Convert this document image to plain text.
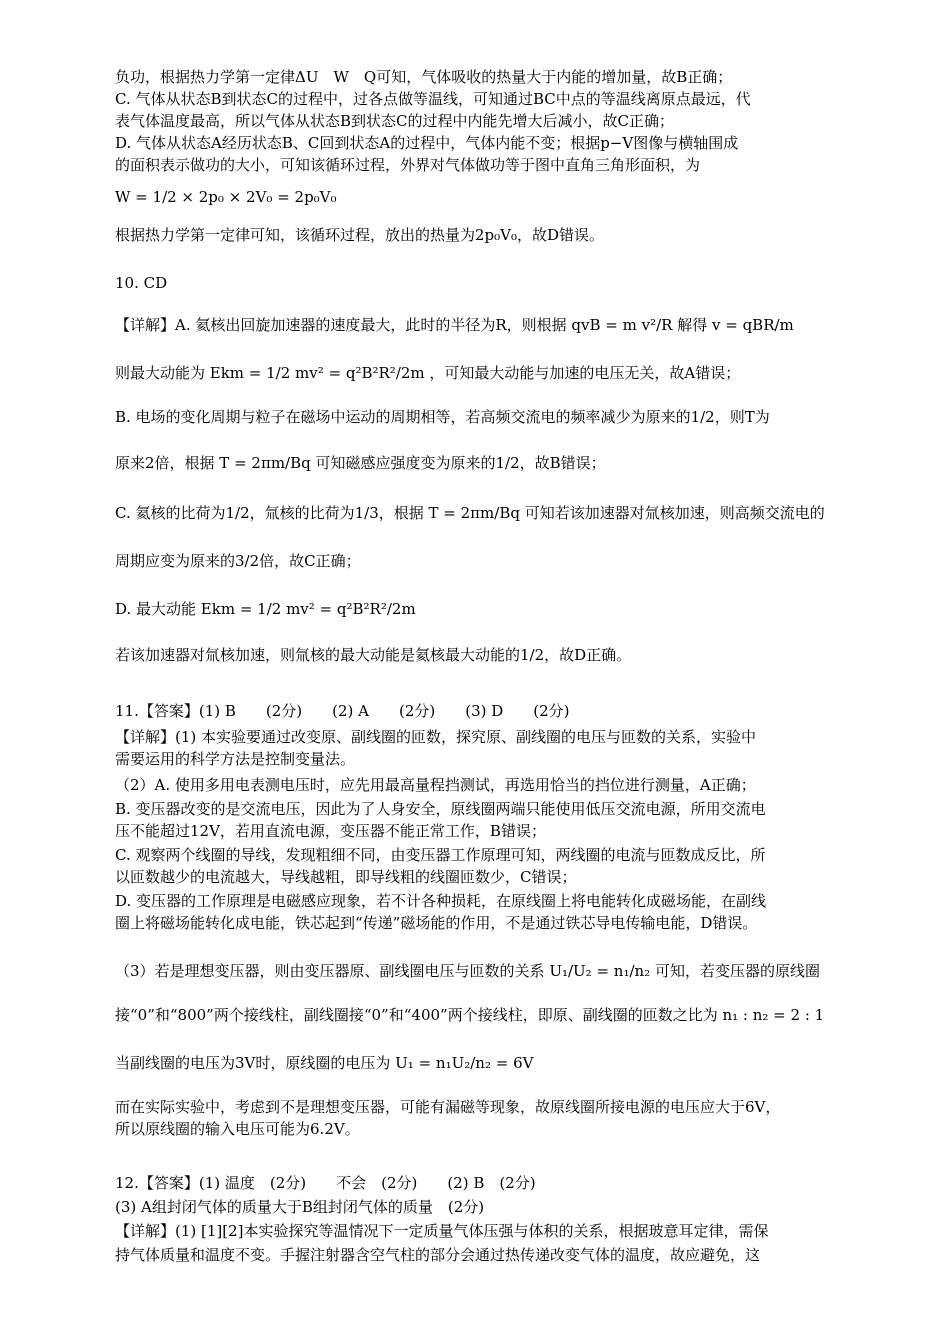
负功，根据热力学第一定律ΔU　W　Q可知，气体吸收的热量大于内能的增加量，故B正确；
C. 气体从状态B到状态C的过程中，过各点做等温线，可知通过BC中点的等温线离原点最远，代
表气体温度最高，所以气体从状态B到状态C的过程中内能先增大后减小，故C正确；
D. 气体从状态A经历状态B、C回到状态A的过程中，气体内能不变；根据p−V图像与横轴围成
的面积表示做功的大小，可知该循环过程，外界对气体做功等于图中直角三角形面积，为
W = 1/2 × 2p₀ × 2V₀ = 2p₀V₀
根据热力学第一定律可知，该循环过程，放出的热量为2p₀V₀，故D错误。
10. CD
【详解】A. 氦核出回旋加速器的速度最大，此时的半径为R，则根据 qvB = m v²/R 解得 v = qBR/m
则最大动能为 Ekm = 1/2 mv² = q²B²R²/2m ，可知最大动能与加速的电压无关，故A错误；
B. 电场的变化周期与粒子在磁场中运动的周期相等，若高频交流电的频率减少为原来的1/2，则T为
原来2倍，根据 T = 2πm/Bq 可知磁感应强度变为原来的1/2，故B错误；
C. 氦核的比荷为1/2，氚核的比荷为1/3，根据 T = 2πm/Bq 可知若该加速器对氚核加速，则高频交流电的
周期应变为原来的3/2倍，故C正确；
D. 最大动能 Ekm = 1/2 mv² = q²B²R²/2m
若该加速器对氚核加速，则氚核的最大动能是氦核最大动能的1/2，故D正确。
11.【答案】(1) B　　(2分)　　(2) A　　(2分)　　(3) D　　(2分)
【详解】(1) 本实验要通过改变原、副线圈的匝数，探究原、副线圈的电压与匝数的关系，实验中
需要运用的科学方法是控制变量法。
（2）A. 使用多用电表测电压时，应先用最高量程挡测试，再选用恰当的挡位进行测量，A正确；
B. 变压器改变的是交流电压，因此为了人身安全，原线圈两端只能使用低压交流电源，所用交流电
压不能超过12V，若用直流电源，变压器不能正常工作，B错误；
C. 观察两个线圈的导线，发现粗细不同，由变压器工作原理可知，两线圈的电流与匝数成反比，所
以匝数越少的电流越大，导线越粗，即导线粗的线圈匝数少，C错误；
D. 变压器的工作原理是电磁感应现象，若不计各种损耗，在原线圈上将电能转化成磁场能，在副线
圈上将磁场能转化成电能，铁芯起到“传递”磁场能的作用，不是通过铁芯导电传输电能，D错误。
（3）若是理想变压器，则由变压器原、副线圈电压与匝数的关系 U₁/U₂ = n₁/n₂ 可知，若变压器的原线圈
接“0”和“800”两个接线柱，副线圈接“0”和“400”两个接线柱，即原、副线圈的匝数之比为 n₁ : n₂ = 2 : 1
当副线圈的电压为3V时，原线圈的电压为 U₁ = n₁U₂/n₂ = 6V
而在实际实验中，考虑到不是理想变压器，可能有漏磁等现象，故原线圈所接电源的电压应大于6V，
所以原线圈的输入电压可能为6.2V。
12.【答案】(1) 温度　(2分)　　不会　(2分)　　(2) B　(2分)
(3) A组封闭气体的质量大于B组封闭气体的质量　(2分)
【详解】(1) [1][2]本实验探究等温情况下一定质量气体压强与体积的关系，根据玻意耳定律，需保
持气体质量和温度不变。手握注射器含空气柱的部分会通过热传递改变气体的温度，故应避免，这
